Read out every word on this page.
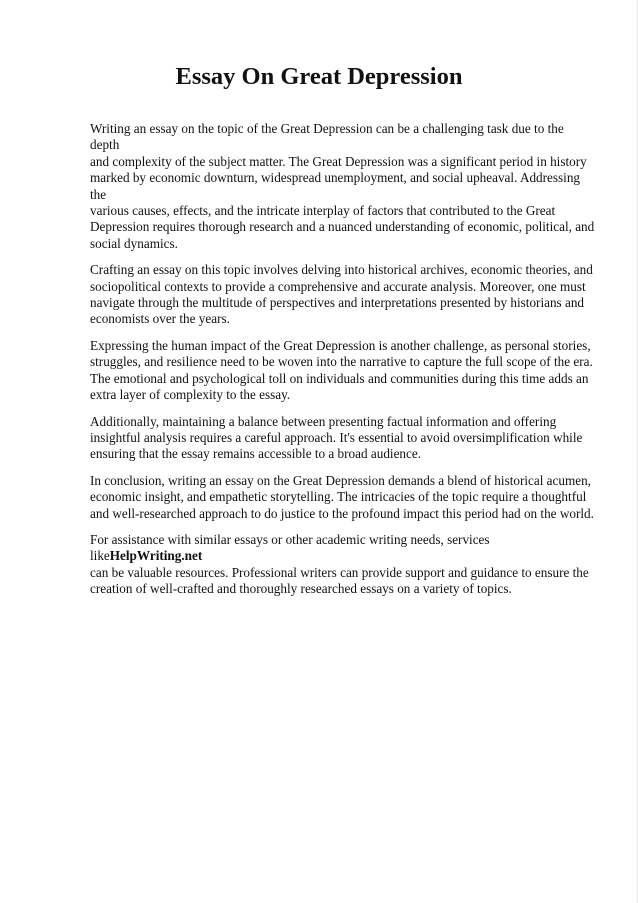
Essay On Great Depression

Writing an essay on the topic of the Great Depression can be a challenging task due to the depth
and complexity of the subject matter. The Great Depression was a significant period in history
marked by economic downturn, widespread unemployment, and social upheaval. Addressing the
various causes, effects, and the intricate interplay of factors that contributed to the Great
Depression requires thorough research and a nuanced understanding of economic, political, and
social dynamics.

Crafting an essay on this topic involves delving into historical archives, economic theories, and
sociopolitical contexts to provide a comprehensive and accurate analysis. Moreover, one must
navigate through the multitude of perspectives and interpretations presented by historians and
economists over the years.

Expressing the human impact of the Great Depression is another challenge, as personal stories,
struggles, and resilience need to be woven into the narrative to capture the full scope of the era.
The emotional and psychological toll on individuals and communities during this time adds an
extra layer of complexity to the essay.

Additionally, maintaining a balance between presenting factual information and offering
insightful analysis requires a careful approach. It's essential to avoid oversimplification while
ensuring that the essay remains accessible to a broad audience.

In conclusion, writing an essay on the Great Depression demands a blend of historical acumen,
economic insight, and empathetic storytelling. The intricacies of the topic require a thoughtful
and well-researched approach to do justice to the profound impact this period had on the world.

For assistance with similar essays or other academic writing needs, services likeHelpWriting.net
can be valuable resources. Professional writers can provide support and guidance to ensure the
creation of well-crafted and thoroughly researched essays on a variety of topics.
